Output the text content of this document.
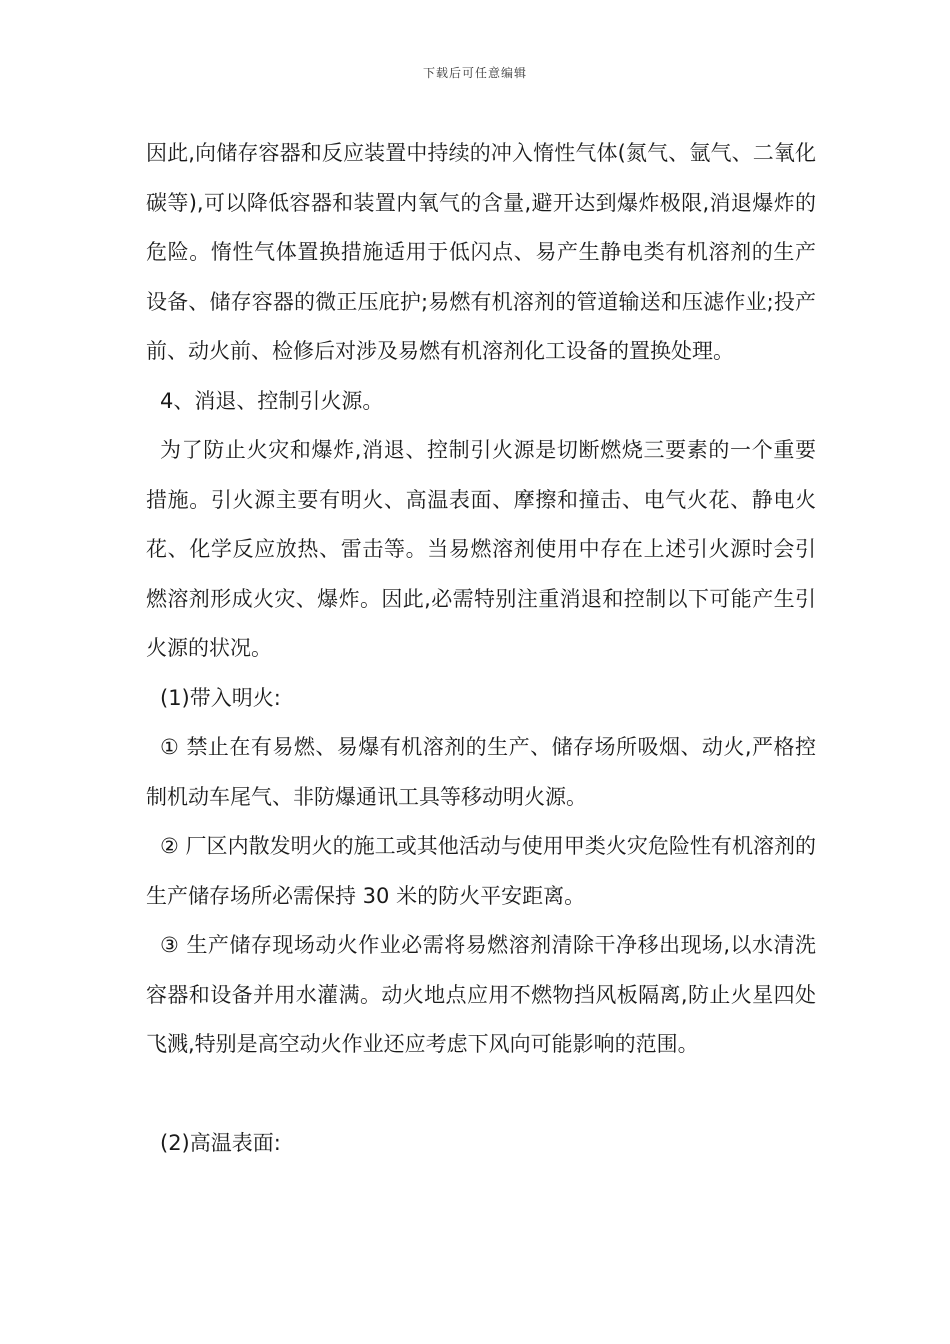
下载后可任意编辑

因此,向储存容器和反应装置中持续的冲入惰性气体(氮气、氩气、二氧化碳等),可以降低容器和装置内氧气的含量,避开达到爆炸极限,消退爆炸的危险。惰性气体置换措施适用于低闪点、易产生静电类有机溶剂的生产设备、储存容器的微正压庇护;易燃有机溶剂的管道输送和压滤作业;投产前、动火前、检修后对涉及易燃有机溶剂化工设备的置换处理。

4、消退、控制引火源。

为了防止火灾和爆炸,消退、控制引火源是切断燃烧三要素的一个重要措施。引火源主要有明火、高温表面、摩擦和撞击、电气火花、静电火花、化学反应放热、雷击等。当易燃溶剂使用中存在上述引火源时会引燃溶剂形成火灾、爆炸。因此,必需特别注重消退和控制以下可能产生引火源的状况。

(1)带入明火:

① 禁止在有易燃、易爆有机溶剂的生产、储存场所吸烟、动火,严格控制机动车尾气、非防爆通讯工具等移动明火源。

② 厂区内散发明火的施工或其他活动与使用甲类火灾危险性有机溶剂的生产储存场所必需保持 30 米的防火平安距离。

③ 生产储存现场动火作业必需将易燃溶剂清除干净移出现场,以水清洗容器和设备并用水灌满。动火地点应用不燃物挡风板隔离,防止火星四处飞溅,特别是高空动火作业还应考虑下风向可能影响的范围。

(2)高温表面:
